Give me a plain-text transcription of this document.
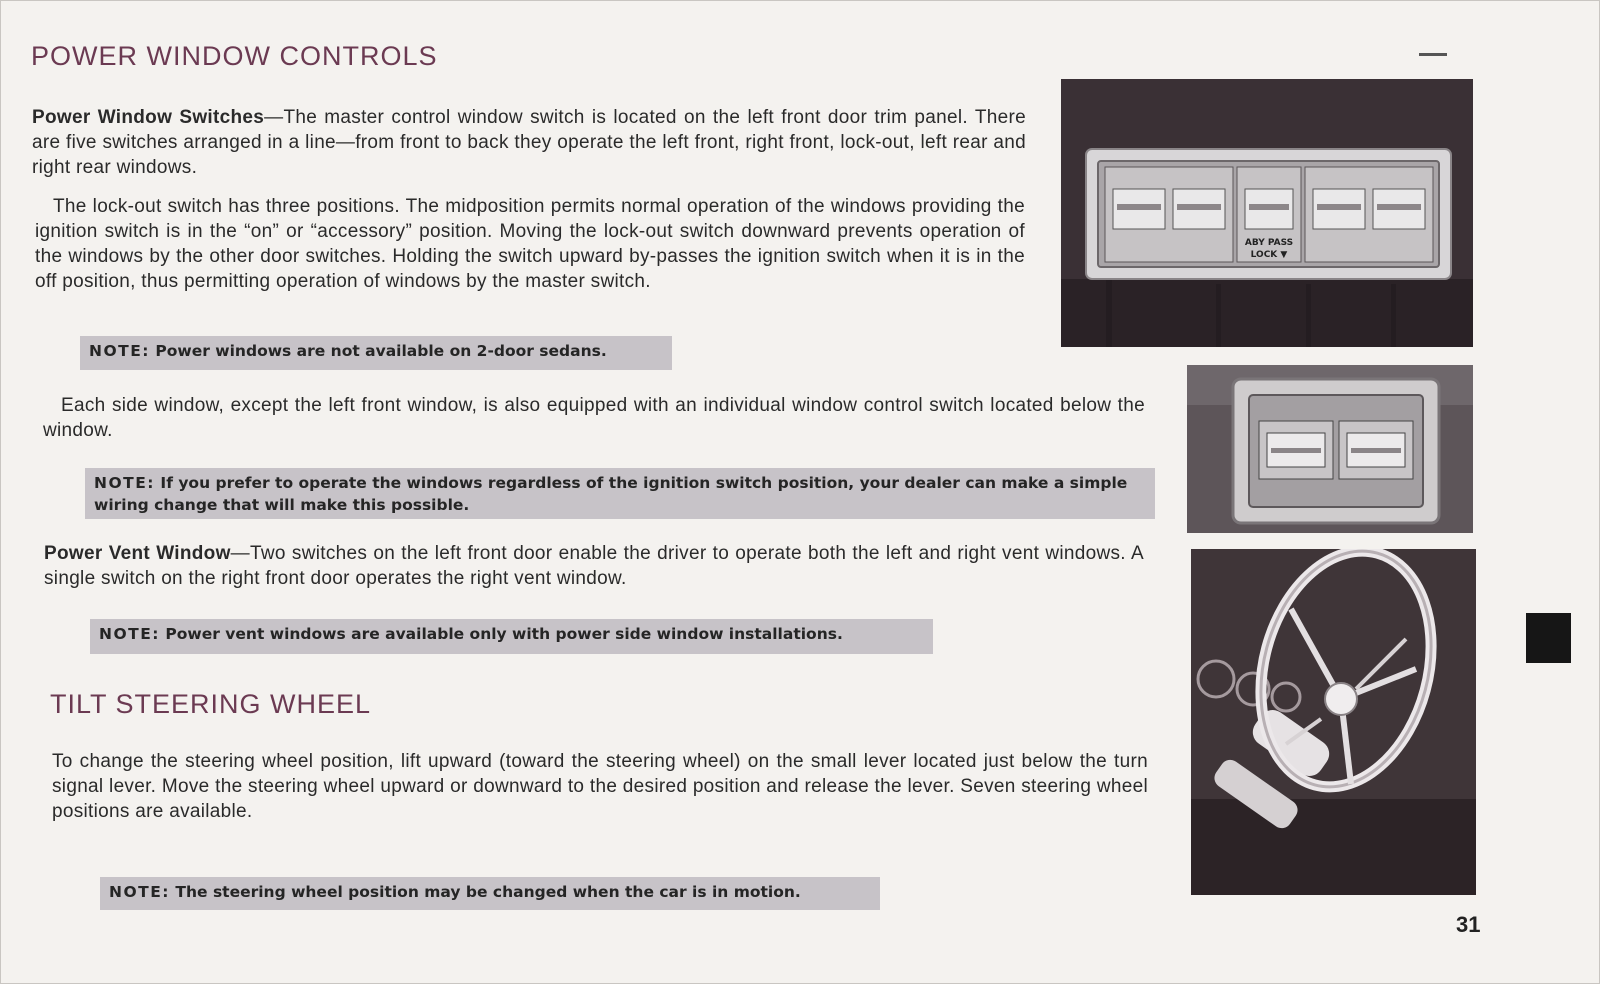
POWER WINDOW CONTROLS
Power Window Switches—The master control window switch is located on the left front door trim panel. There are five switches arranged in a line—from front to back they operate the left front, right front, lock-out, left rear and right rear windows.
The lock-out switch has three positions. The midposition permits normal operation of the windows providing the ignition switch is in the “on” or “accessory” position. Moving the lock-out switch downward prevents operation of the windows by the other door switches. Holding the switch upward by-passes the ignition switch when it is in the off position, thus permitting operation of windows by the master switch.
NOTE: Power windows are not available on 2-door sedans.
Each side window, except the left front window, is also equipped with an individual window control switch located below the window.
NOTE: If you prefer to operate the windows regardless of the ignition switch position, your dealer can make a simple wiring change that will make this possible.
Power Vent Window—Two switches on the left front door enable the driver to operate both the left and right vent windows. A single switch on the right front door operates the right vent window.
NOTE: Power vent windows are available only with power side window installations.
TILT STEERING WHEEL
To change the steering wheel position, lift upward (toward the steering wheel) on the small lever located just below the turn signal lever. Move the steering wheel upward or downward to the desired position and release the lever. Seven steering wheel positions are available.
NOTE: The steering wheel position may be changed when the car is in motion.
ABY PASS
LOCK ▼
31
